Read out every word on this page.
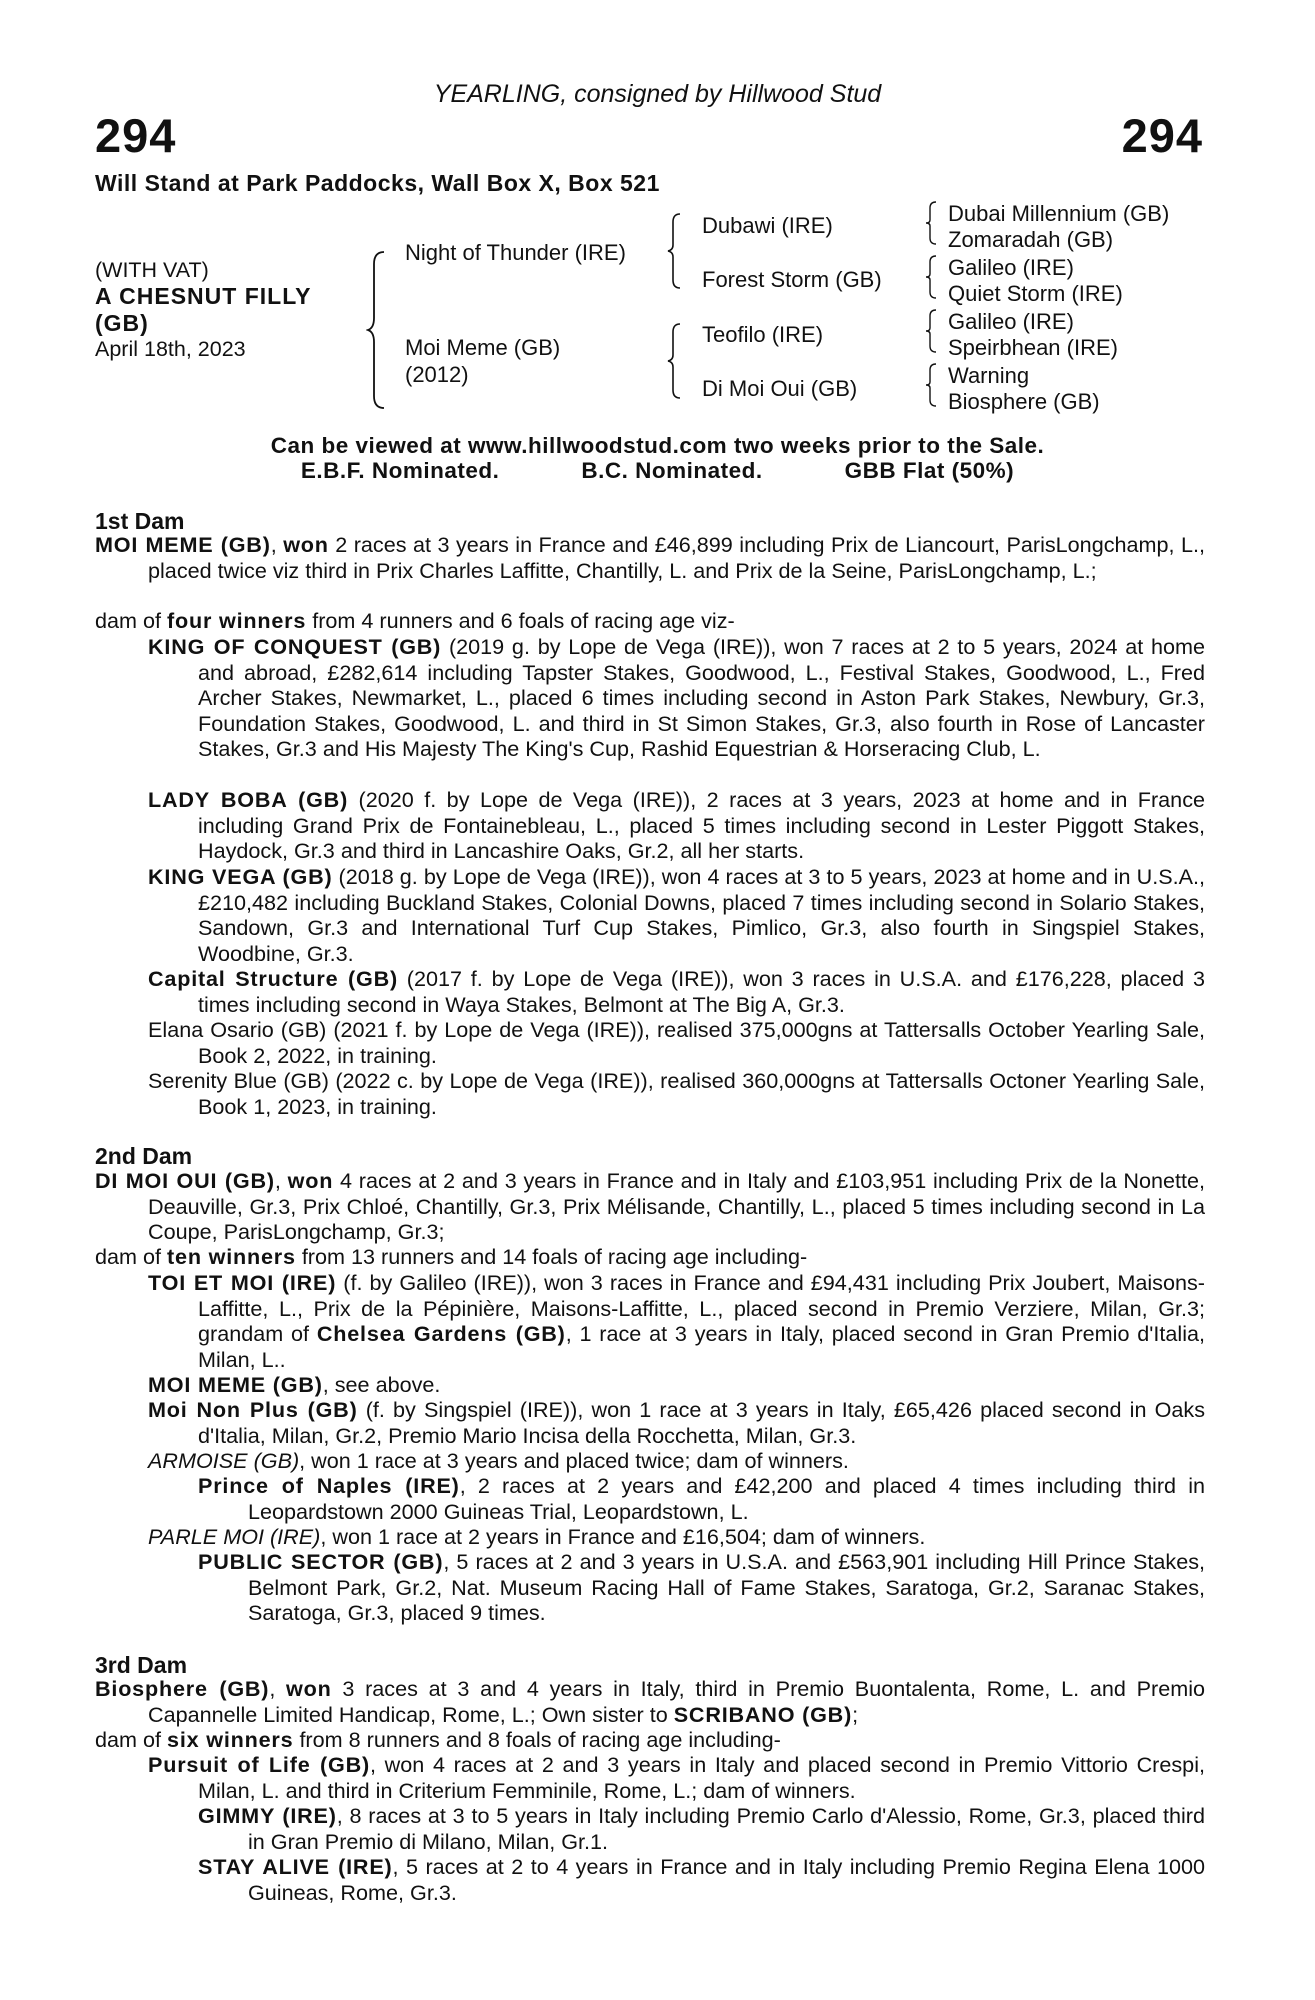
YEARLING, consigned by Hillwood Stud
294	294
Will Stand at Park Paddocks, Wall Box X, Box 521
(WITH VAT)
A CHESNUT FILLY (GB)
April 18th, 2023
Night of Thunder (IRE)
Moi Meme (GB)
(2012)
Dubawi (IRE)
Forest Storm (GB)
Teofilo (IRE)
Di Moi Oui (GB)
Dubai Millennium (GB)
Zomaradah (GB)
Galileo (IRE)
Quiet Storm (IRE)
Galileo (IRE)
Speirbhean (IRE)
Warning
Biosphere (GB)
Can be viewed at www.hillwoodstud.com two weeks prior to the Sale.
E.B.F. Nominated.	B.C. Nominated.	GBB Flat (50%)
1st Dam
MOI MEME (GB), won 2 races at 3 years in France and £46,899 including Prix de Liancourt, ParisLongchamp, L., placed twice viz third in Prix Charles Laffitte, Chantilly, L. and Prix de la Seine, ParisLongchamp, L.;
dam of four winners from 4 runners and 6 foals of racing age viz-
KING OF CONQUEST (GB) (2019 g. by Lope de Vega (IRE)), won 7 races at 2 to 5 years, 2024 at home and abroad, £282,614 including Tapster Stakes, Goodwood, L., Festival Stakes, Goodwood, L., Fred Archer Stakes, Newmarket, L., placed 6 times including second in Aston Park Stakes, Newbury, Gr.3, Foundation Stakes, Goodwood, L. and third in St Simon Stakes, Gr.3, also fourth in Rose of Lancaster Stakes, Gr.3 and His Majesty The King's Cup, Rashid Equestrian & Horseracing Club, L.
LADY BOBA (GB) (2020 f. by Lope de Vega (IRE)), 2 races at 3 years, 2023 at home and in France including Grand Prix de Fontainebleau, L., placed 5 times including second in Lester Piggott Stakes, Haydock, Gr.3 and third in Lancashire Oaks, Gr.2, all her starts.
KING VEGA (GB) (2018 g. by Lope de Vega (IRE)), won 4 races at 3 to 5 years, 2023 at home and in U.S.A., £210,482 including Buckland Stakes, Colonial Downs, placed 7 times including second in Solario Stakes, Sandown, Gr.3 and International Turf Cup Stakes, Pimlico, Gr.3, also fourth in Singspiel Stakes, Woodbine, Gr.3.
Capital Structure (GB) (2017 f. by Lope de Vega (IRE)), won 3 races in U.S.A. and £176,228, placed 3 times including second in Waya Stakes, Belmont at The Big A, Gr.3.
Elana Osario (GB) (2021 f. by Lope de Vega (IRE)), realised 375,000gns at Tattersalls October Yearling Sale, Book 2, 2022, in training.
Serenity Blue (GB) (2022 c. by Lope de Vega (IRE)), realised 360,000gns at Tattersalls Octoner Yearling Sale, Book 1, 2023, in training.
2nd Dam
DI MOI OUI (GB), won 4 races at 2 and 3 years in France and in Italy and £103,951 including Prix de la Nonette, Deauville, Gr.3, Prix Chloé, Chantilly, Gr.3, Prix Mélisande, Chantilly, L., placed 5 times including second in La Coupe, ParisLongchamp, Gr.3;
dam of ten winners from 13 runners and 14 foals of racing age including-
TOI ET MOI (IRE) (f. by Galileo (IRE)), won 3 races in France and £94,431 including Prix Joubert, Maisons-Laffitte, L., Prix de la Pépinière, Maisons-Laffitte, L., placed second in Premio Verziere, Milan, Gr.3; grandam of Chelsea Gardens (GB), 1 race at 3 years in Italy, placed second in Gran Premio d'Italia, Milan, L..
MOI MEME (GB), see above.
Moi Non Plus (GB) (f. by Singspiel (IRE)), won 1 race at 3 years in Italy, £65,426 placed second in Oaks d'Italia, Milan, Gr.2, Premio Mario Incisa della Rocchetta, Milan, Gr.3.
ARMOISE (GB), won 1 race at 3 years and placed twice; dam of winners.
Prince of Naples (IRE), 2 races at 2 years and £42,200 and placed 4 times including third in Leopardstown 2000 Guineas Trial, Leopardstown, L.
PARLE MOI (IRE), won 1 race at 2 years in France and £16,504; dam of winners.
PUBLIC SECTOR (GB), 5 races at 2 and 3 years in U.S.A. and £563,901 including Hill Prince Stakes, Belmont Park, Gr.2, Nat. Museum Racing Hall of Fame Stakes, Saratoga, Gr.2, Saranac Stakes, Saratoga, Gr.3, placed 9 times.
3rd Dam
Biosphere (GB), won 3 races at 3 and 4 years in Italy, third in Premio Buontalenta, Rome, L. and Premio Capannelle Limited Handicap, Rome, L.; Own sister to SCRIBANO (GB);
dam of six winners from 8 runners and 8 foals of racing age including-
Pursuit of Life (GB), won 4 races at 2 and 3 years in Italy and placed second in Premio Vittorio Crespi, Milan, L. and third in Criterium Femminile, Rome, L.; dam of winners.
GIMMY (IRE), 8 races at 3 to 5 years in Italy including Premio Carlo d'Alessio, Rome, Gr.3, placed third in Gran Premio di Milano, Milan, Gr.1.
STAY ALIVE (IRE), 5 races at 2 to 4 years in France and in Italy including Premio Regina Elena 1000 Guineas, Rome, Gr.3.
